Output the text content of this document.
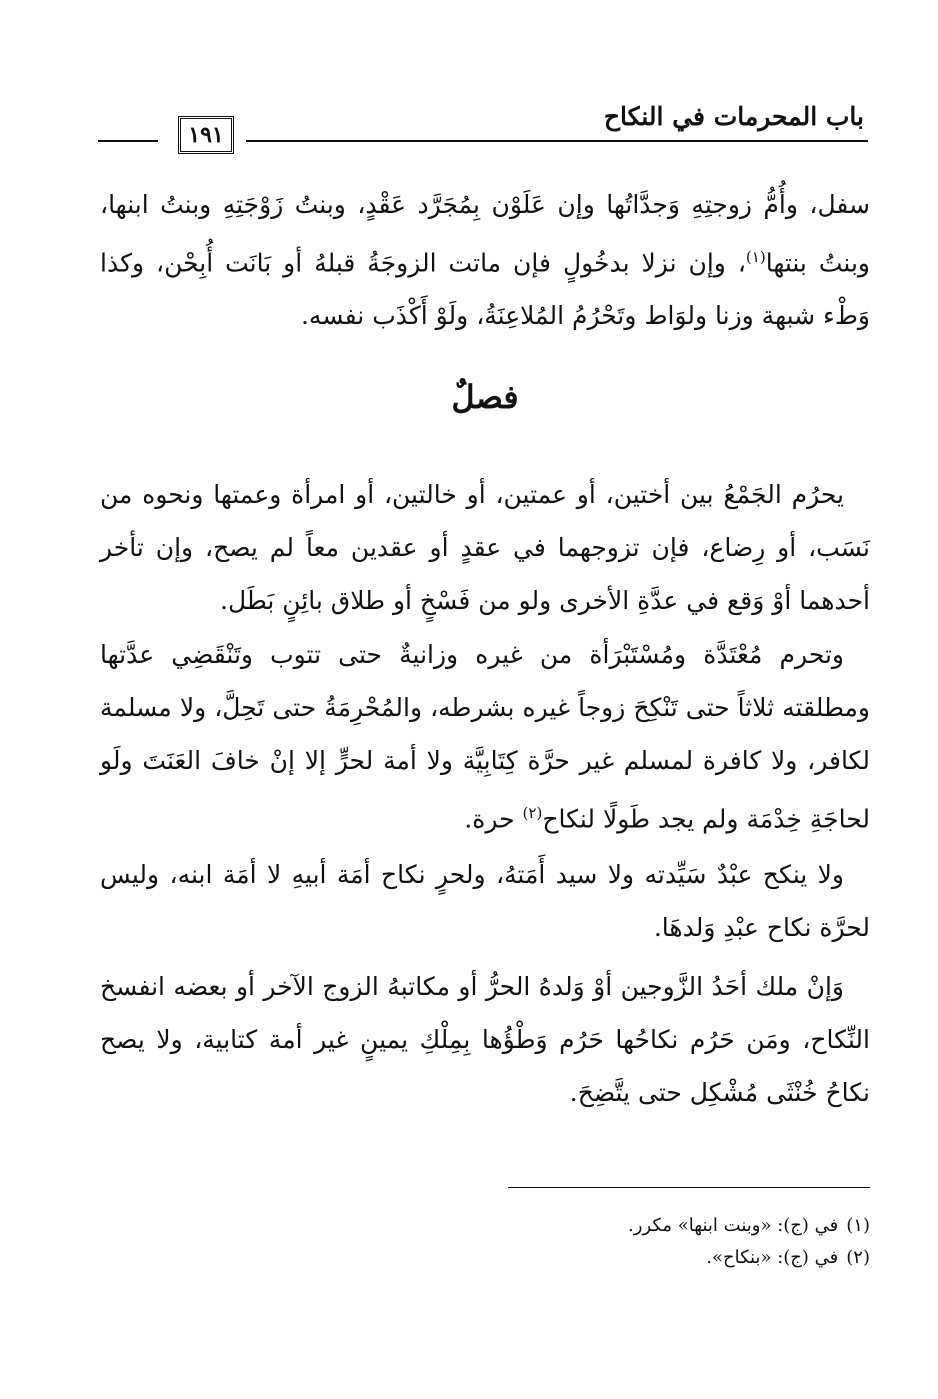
باب المحرمات في النكاح
١٩١

سفل، وأُمُّ زوجتِهِ وَجدَّاتُها وإن عَلَوْن بِمُجَرَّد عَقْدٍ، وبنتُ زَوْجَتِهِ وبنتُ ابنها، وبنتُ بنتها$^{(١)}$، وإن نزلا بدخُولٍ فإن ماتت الزوجَةُ قبلهُ أو بَانَت أُبِحْن، وكذا وَطْء شبهة وزنا ولوَاط وتَحْرُمُ المُلاعِنَةُ، ولَوْ أَكْذَب نفسه.

فصلٌ

يحرُم الجَمْعُ بين أختين، أو عمتين، أو خالتين، أو امرأة وعمتها ونحوه من نَسَب، أو رِضاع، فإن تزوجهما في عقدٍ أو عقدين معاً لم يصح، وإن تأخر أحدهما أوْ وَقع في عدَّةِ الأخرى ولو من فَسْخٍ أو طلاق بائِنٍ بَطَل.

وتحرم مُعْتَدَّة ومُسْتَبْرَأة من غيره وزانيةٌ حتى تتوب وتَنْقَضِي عدَّتها ومطلقته ثلاثاً حتى تَنْكِحَ زوجاً غيره بشرطه، والمُحْرِمَةُ حتى تَحِلَّ، ولا مسلمة لكافر، ولا كافرة لمسلم غير حرَّة كِتَابِيَّة ولا أمة لحرٍّ إلا إنْ خافَ العَنَتَ ولَو لحاجَةِ خِدْمَة ولم يجد طَولًا لنكاح$^{(٢)}$ حرة.

ولا ينكح عبْدٌ سَيِّدته ولا سيد أَمَتهُ، ولحرٍ نكاح أمَة أبيهِ لا أمَة ابنه، وليس لحرَّة نكاح عبْدِ وَلدهَا.

وَإنْ ملك أحَدُ الزَّوجين أوْ وَلدهُ الحرُّ أو مكاتبهُ الزوج الآخر أو بعضه انفسخ النِّكاح، ومَن حَرُم نكاحُها حَرُم وَطْؤُها بِمِلْكِ يمينٍ غير أمة كتابية، ولا يصح نكاحُ خُنْثَى مُشْكِل حتى يتَّضِحَ.

(١)في (ج): «وبنت ابنها» مكرر.
(٢)في (ج): «بنكاح».
